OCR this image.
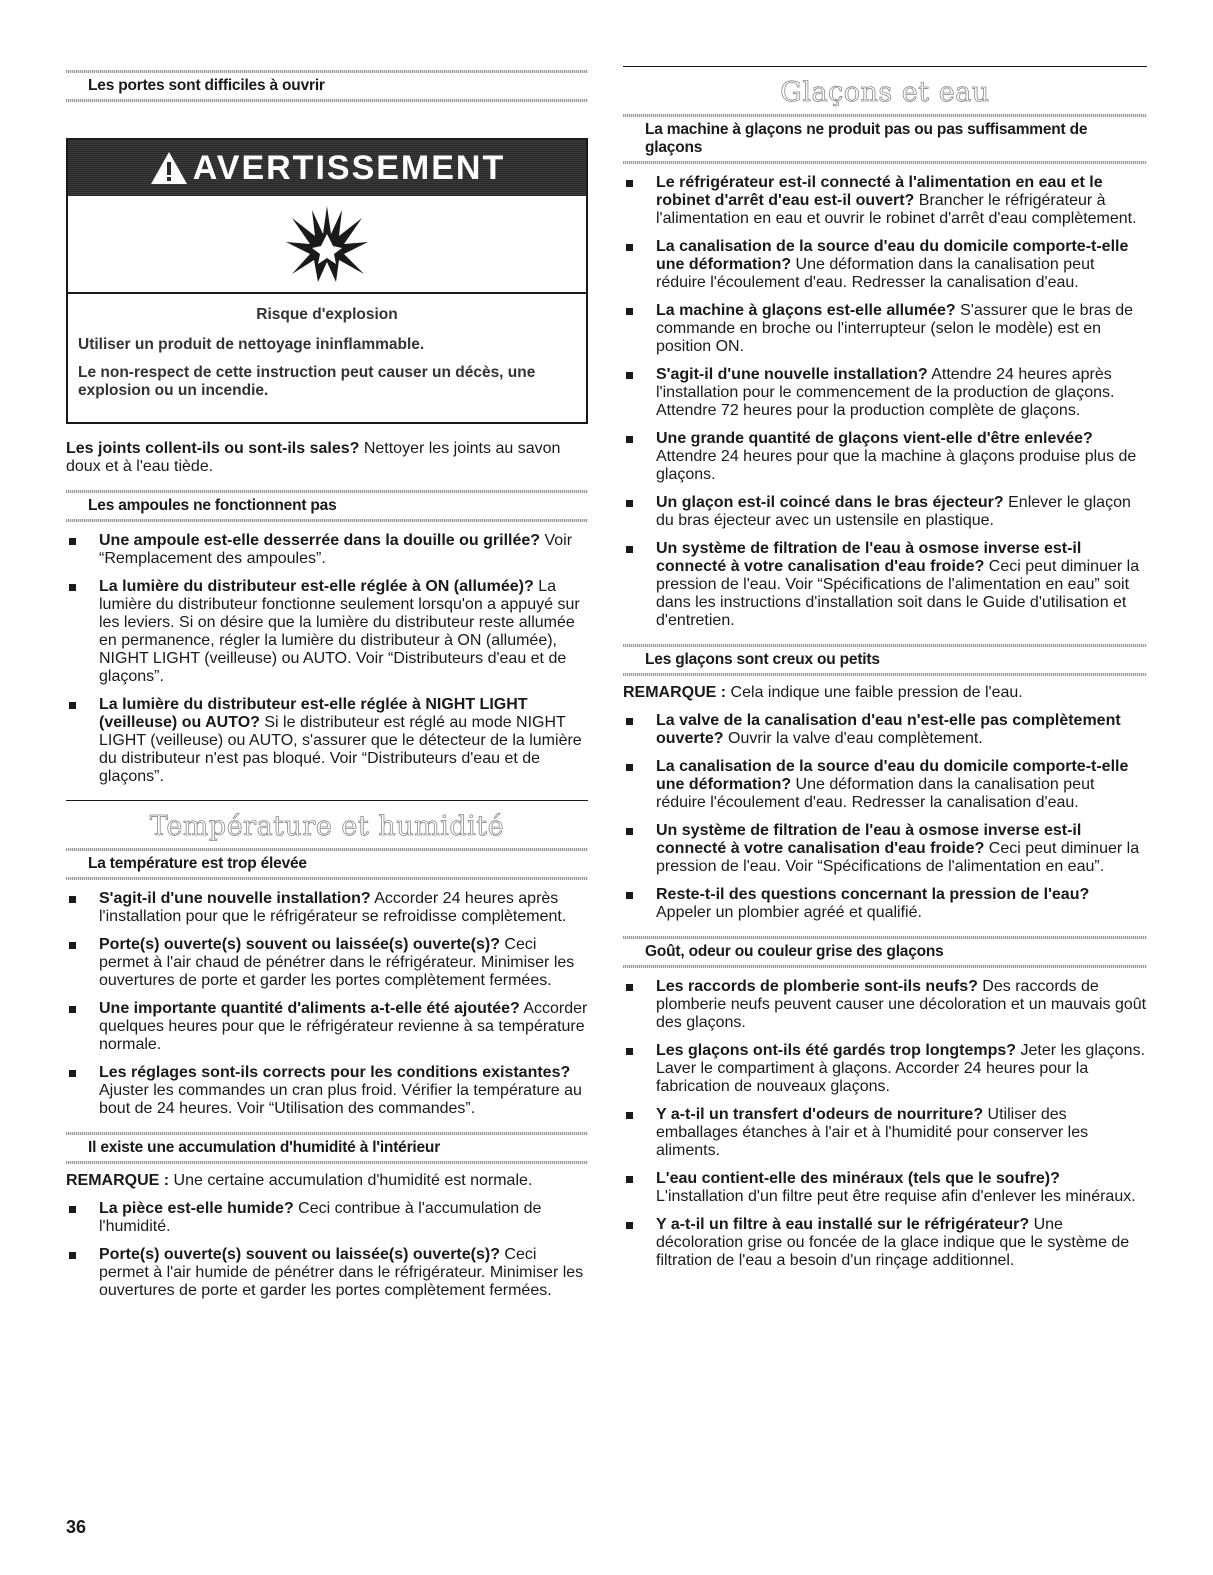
Les portes sont difficiles à ouvrir
AVERTISSEMENT
Risque d'explosion

Utiliser un produit de nettoyage ininflammable.

Le non-respect de cette instruction peut causer un décès, une explosion ou un incendie.

Les joints collent-ils ou sont-ils sales? Nettoyer les joints au savon doux et à l'eau tiède.

Les ampoules ne fonctionnent pas
Une ampoule est-elle desserrée dans la douille ou grillée? Voir “Remplacement des ampoules”.
La lumière du distributeur est-elle réglée à ON (allumée)? La lumière du distributeur fonctionne seulement lorsqu'on a appuyé sur les leviers. Si on désire que la lumière du distributeur reste allumée en permanence, régler la lumière du distributeur à ON (allumée), NIGHT LIGHT (veilleuse) ou AUTO. Voir “Distributeurs d'eau et de glaçons”.
La lumière du distributeur est-elle réglée à NIGHT LIGHT (veilleuse) ou AUTO? Si le distributeur est réglé au mode NIGHT LIGHT (veilleuse) ou AUTO, s'assurer que le détecteur de la lumière du distributeur n'est pas bloqué. Voir “Distributeurs d'eau et de glaçons”.
Température et humidité
La température est trop élevée
S'agit-il d'une nouvelle installation? Accorder 24 heures après l'installation pour que le réfrigérateur se refroidisse complètement.
Porte(s) ouverte(s) souvent ou laissée(s) ouverte(s)? Ceci permet à l'air chaud de pénétrer dans le réfrigérateur. Minimiser les ouvertures de porte et garder les portes complètement fermées.
Une importante quantité d'aliments a-t-elle été ajoutée? Accorder quelques heures pour que le réfrigérateur revienne à sa température normale.
Les réglages sont-ils corrects pour les conditions existantes? Ajuster les commandes un cran plus froid. Vérifier la température au bout de 24 heures. Voir “Utilisation des commandes”.
Il existe une accumulation d'humidité à l'intérieur

REMARQUE : Une certaine accumulation d'humidité est normale.

La pièce est-elle humide? Ceci contribue à l'accumulation de l'humidité.
Porte(s) ouverte(s) souvent ou laissée(s) ouverte(s)? Ceci permet à l'air humide de pénétrer dans le réfrigérateur. Minimiser les ouvertures de porte et garder les portes complètement fermées.
Glaçons et eau
La machine à glaçons ne produit pas ou pas suffisamment de glaçons
Le réfrigérateur est-il connecté à l'alimentation en eau et le robinet d'arrêt d'eau est-il ouvert? Brancher le réfrigérateur à l'alimentation en eau et ouvrir le robinet d'arrêt d'eau complètement.
La canalisation de la source d'eau du domicile comporte-t-elle une déformation? Une déformation dans la canalisation peut réduire l'écoulement d'eau. Redresser la canalisation d'eau.
La machine à glaçons est-elle allumée? S'assurer que le bras de commande en broche ou l'interrupteur (selon le modèle) est en position ON.
S'agit-il d'une nouvelle installation? Attendre 24 heures après l'installation pour le commencement de la production de glaçons. Attendre 72 heures pour la production complète de glaçons.
Une grande quantité de glaçons vient-elle d'être enlevée? Attendre 24 heures pour que la machine à glaçons produise plus de glaçons.
Un glaçon est-il coincé dans le bras éjecteur? Enlever le glaçon du bras éjecteur avec un ustensile en plastique.
Un système de filtration de l'eau à osmose inverse est-il connecté à votre canalisation d'eau froide? Ceci peut diminuer la pression de l'eau. Voir “Spécifications de l'alimentation en eau” soit dans les instructions d'installation soit dans le Guide d'utilisation et d'entretien.
Les glaçons sont creux ou petits

REMARQUE : Cela indique une faible pression de l'eau.

La valve de la canalisation d'eau n'est-elle pas complètement ouverte? Ouvrir la valve d'eau complètement.
La canalisation de la source d'eau du domicile comporte-t-elle une déformation? Une déformation dans la canalisation peut réduire l'écoulement d'eau. Redresser la canalisation d'eau.
Un système de filtration de l'eau à osmose inverse est-il connecté à votre canalisation d'eau froide? Ceci peut diminuer la pression de l'eau. Voir “Spécifications de l'alimentation en eau”.
Reste-t-il des questions concernant la pression de l'eau? Appeler un plombier agréé et qualifié.
Goût, odeur ou couleur grise des glaçons
Les raccords de plomberie sont-ils neufs? Des raccords de plomberie neufs peuvent causer une décoloration et un mauvais goût des glaçons.
Les glaçons ont-ils été gardés trop longtemps? Jeter les glaçons. Laver le compartiment à glaçons. Accorder 24 heures pour la fabrication de nouveaux glaçons.
Y a-t-il un transfert d'odeurs de nourriture? Utiliser des emballages étanches à l'air et à l'humidité pour conserver les aliments.
L'eau contient-elle des minéraux (tels que le soufre)? L'installation d'un filtre peut être requise afin d'enlever les minéraux.
Y a-t-il un filtre à eau installé sur le réfrigérateur? Une décoloration grise ou foncée de la glace indique que le système de filtration de l'eau a besoin d'un rinçage additionnel.
36
